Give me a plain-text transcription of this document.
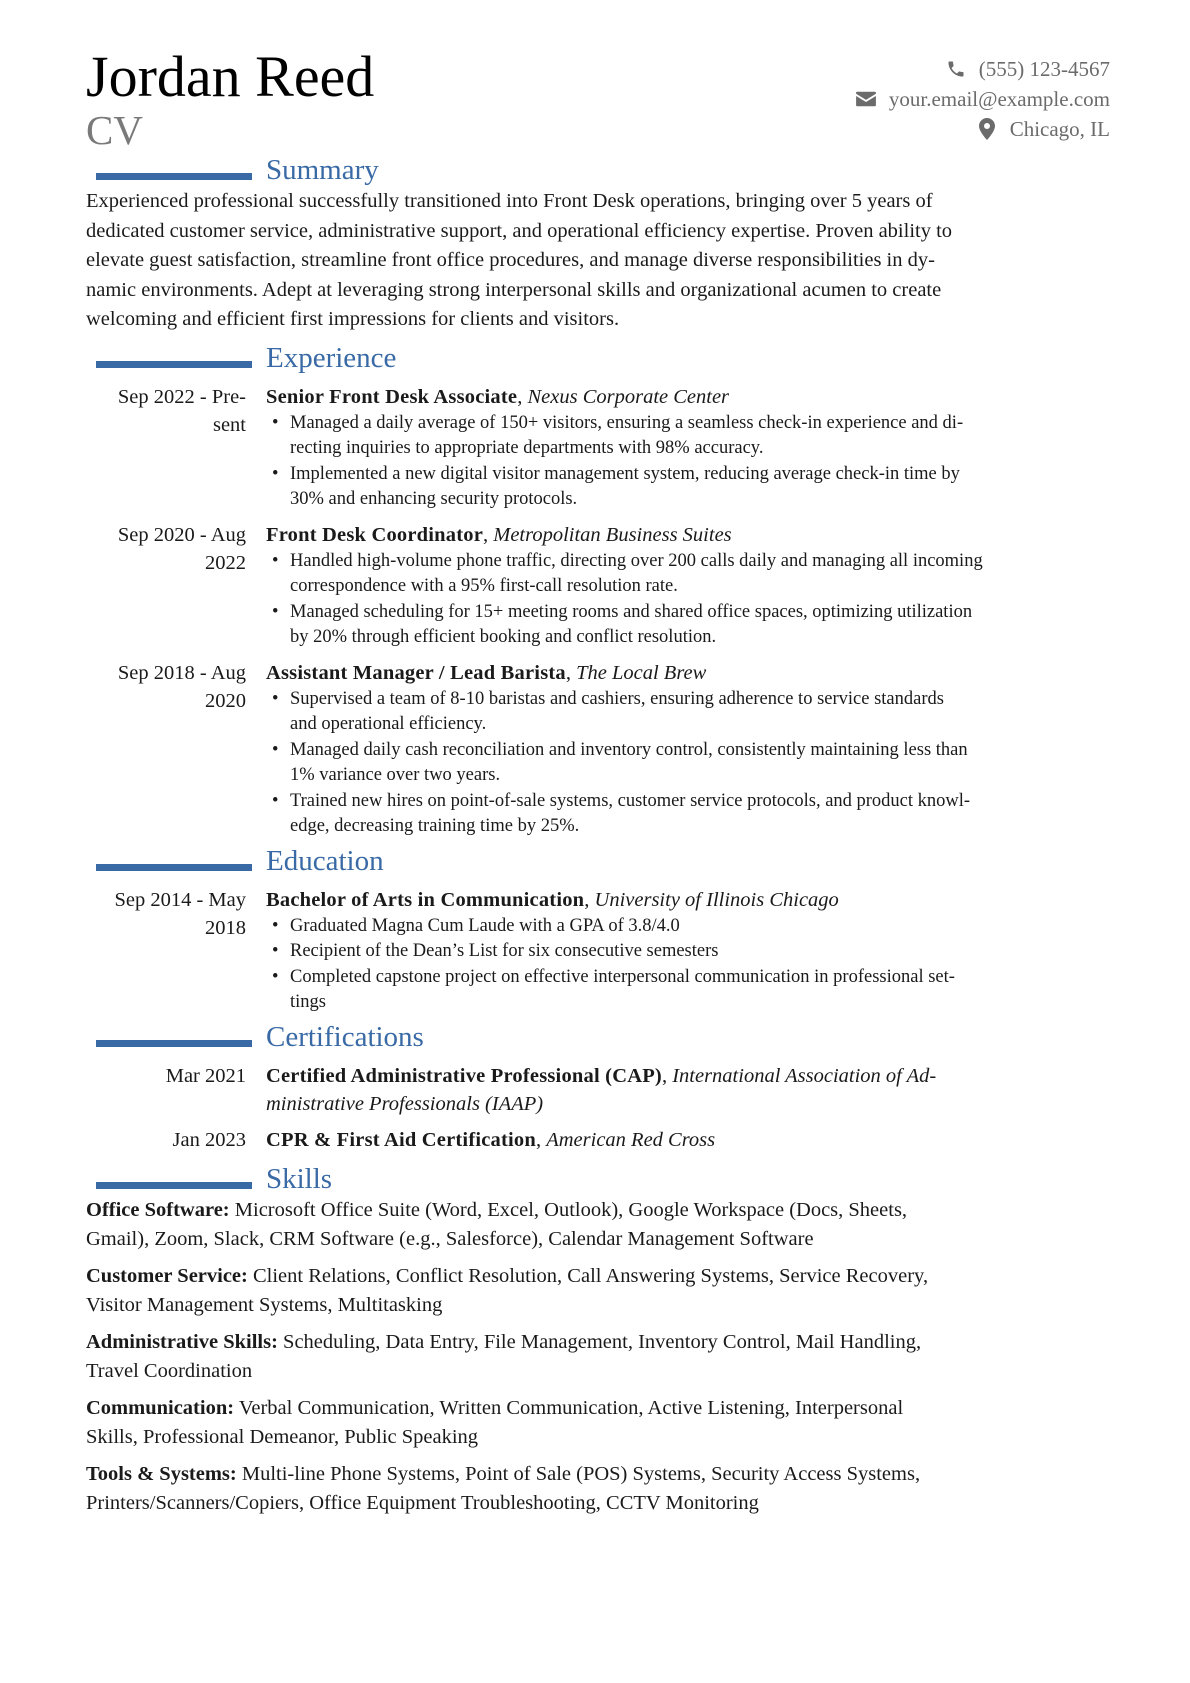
Jordan Reed
CV
(555) 123-4567
your.email@example.com
Chicago, IL
Summary
Experienced professional successfully transitioned into Front Desk operations, bringing over 5 years of
dedicated customer service, administrative support, and operational efficiency expertise. Proven ability to
elevate guest satisfaction, streamline front office procedures, and manage diverse responsibilities in dy-
namic environments. Adept at leveraging strong interpersonal skills and organizational acumen to create
welcoming and efficient first impressions for clients and visitors.
Experience
Sep 2022 - Pre-
sent
Senior Front Desk Associate, Nexus Corporate Center
• Managed a daily average of 150+ visitors, ensuring a seamless check-in experience and di-
recting inquiries to appropriate departments with 98% accuracy.
• Implemented a new digital visitor management system, reducing average check-in time by
30% and enhancing security protocols.
Sep 2020 - Aug
2022
Front Desk Coordinator, Metropolitan Business Suites
• Handled high-volume phone traffic, directing over 200 calls daily and managing all incoming
correspondence with a 95% first-call resolution rate.
• Managed scheduling for 15+ meeting rooms and shared office spaces, optimizing utilization
by 20% through efficient booking and conflict resolution.
Sep 2018 - Aug
2020
Assistant Manager / Lead Barista, The Local Brew
• Supervised a team of 8-10 baristas and cashiers, ensuring adherence to service standards
and operational efficiency.
• Managed daily cash reconciliation and inventory control, consistently maintaining less than
1% variance over two years.
• Trained new hires on point-of-sale systems, customer service protocols, and product knowl-
edge, decreasing training time by 25%.
Education
Sep 2014 - May
2018
Bachelor of Arts in Communication, University of Illinois Chicago
• Graduated Magna Cum Laude with a GPA of 3.8/4.0
• Recipient of the Dean’s List for six consecutive semesters
• Completed capstone project on effective interpersonal communication in professional set-
tings
Certifications
Mar 2021 Certified Administrative Professional (CAP), International Association of Ad-
ministrative Professionals (IAAP)
Jan 2023 CPR & First Aid Certification, American Red Cross
Skills

Office Software: Microsoft Office Suite (Word, Excel, Outlook), Google Workspace (Docs, Sheets,
Gmail), Zoom, Slack, CRM Software (e.g., Salesforce), Calendar Management Software

Customer Service: Client Relations, Conflict Resolution, Call Answering Systems, Service Recovery,
Visitor Management Systems, Multitasking

Administrative Skills: Scheduling, Data Entry, File Management, Inventory Control, Mail Handling,
Travel Coordination

Communication: Verbal Communication, Written Communication, Active Listening, Interpersonal
Skills, Professional Demeanor, Public Speaking

Tools & Systems: Multi-line Phone Systems, Point of Sale (POS) Systems, Security Access Systems,
Printers/Scanners/Copiers, Office Equipment Troubleshooting, CCTV Monitoring
